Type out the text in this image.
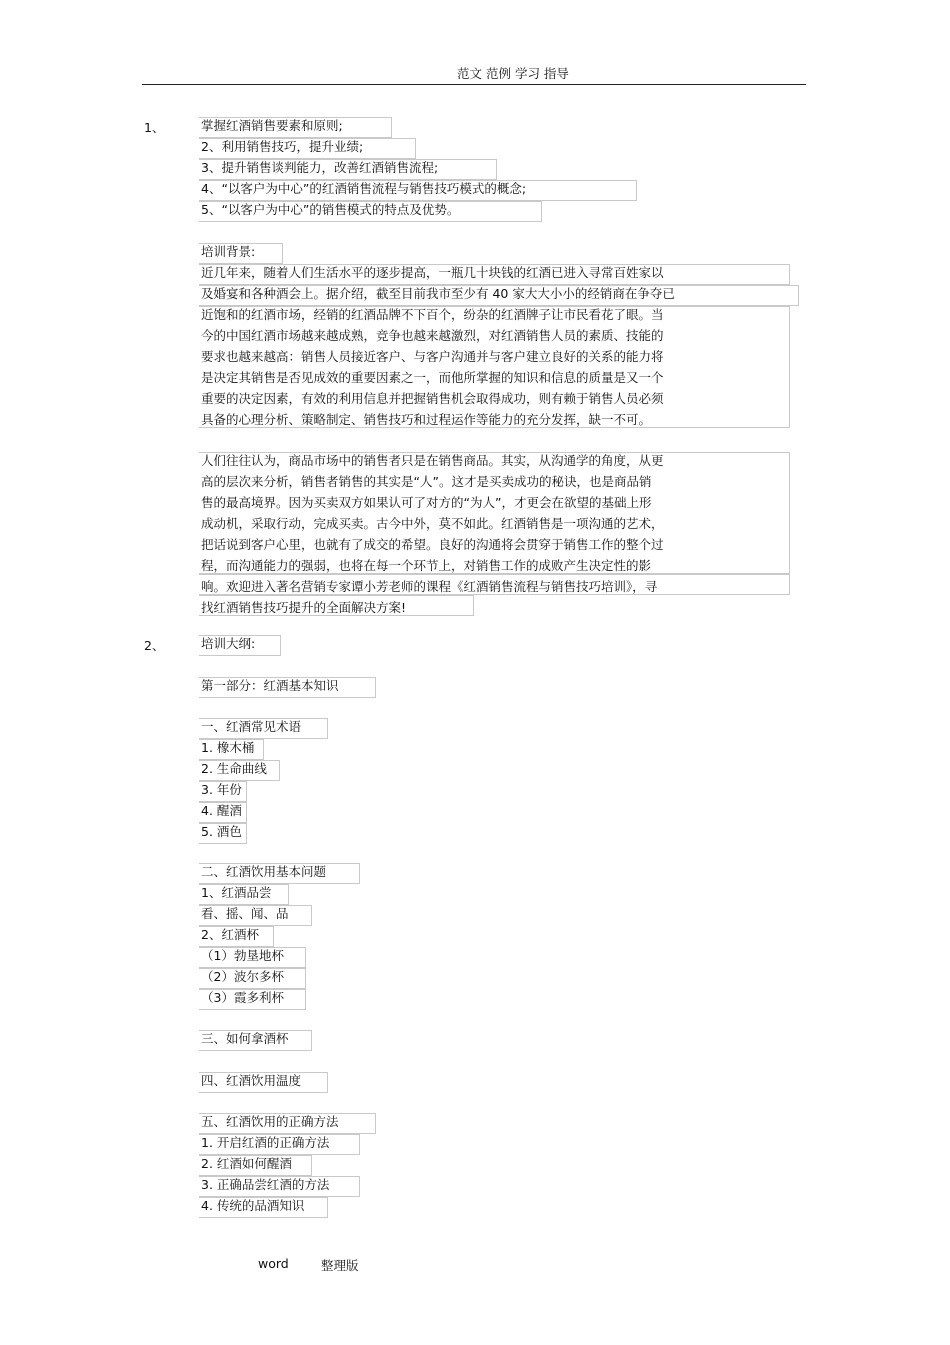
范文 范例 学习 指导
1、	掌握红酒销售要素和原则;
2、利用销售技巧，提升业绩;
3、提升销售谈判能力，改善红酒销售流程;
4、“以客户为中心”的红酒销售流程与销售技巧模式的概念;
5、“以客户为中心”的销售模式的特点及优势。
培训背景:
近几年来，随着人们生活水平的逐步提高，一瓶几十块钱的红酒已进入寻常百姓家以
及婚宴和各种酒会上。据介绍，截至目前我市至少有 40 家大大小小的经销商在争夺已
近饱和的红酒市场，经销的红酒品牌不下百个，纷杂的红酒牌子让市民看花了眼。当
今的中国红酒市场越来越成熟，竞争也越来越激烈，对红酒销售人员的素质、技能的
要求也越来越高：销售人员接近客户、与客户沟通并与客户建立良好的关系的能力将
是决定其销售是否见成效的重要因素之一，而他所掌握的知识和信息的质量是又一个
重要的决定因素，有效的利用信息并把握销售机会取得成功，则有赖于销售人员必须
具备的心理分析、策略制定、销售技巧和过程运作等能力的充分发挥，缺一不可。
人们往往认为，商品市场中的销售者只是在销售商品。其实，从沟通学的角度，从更
高的层次来分析，销售者销售的其实是“人”。这才是买卖成功的秘诀，也是商品销
售的最高境界。因为买卖双方如果认可了对方的“为人”，才更会在欲望的基础上形
成动机，采取行动，完成买卖。古今中外，莫不如此。红酒销售是一项沟通的艺术，
把话说到客户心里，也就有了成交的希望。良好的沟通将会贯穿于销售工作的整个过
程，而沟通能力的强弱，也将在每一个环节上，对销售工作的成败产生决定性的影
响。欢迎进入著名营销专家谭小芳老师的课程《红酒销售流程与销售技巧培训》，寻
找红酒销售技巧提升的全面解决方案!
2、	培训大纲:
第一部分：红酒基本知识
一、红酒常见术语
1. 橡木桶
2. 生命曲线
3. 年份
4. 醒酒
5. 酒色
二、红酒饮用基本问题
1、红酒品尝
看、摇、闻、品
2、红酒杯
（1）勃垦地杯
（2）波尔多杯
（3）霞多利杯
三、如何拿酒杯
四、红酒饮用温度
五、红酒饮用的正确方法
1. 开启红酒的正确方法
2. 红酒如何醒酒
3. 正确品尝红酒的方法
4. 传统的品酒知识
word	整理版
